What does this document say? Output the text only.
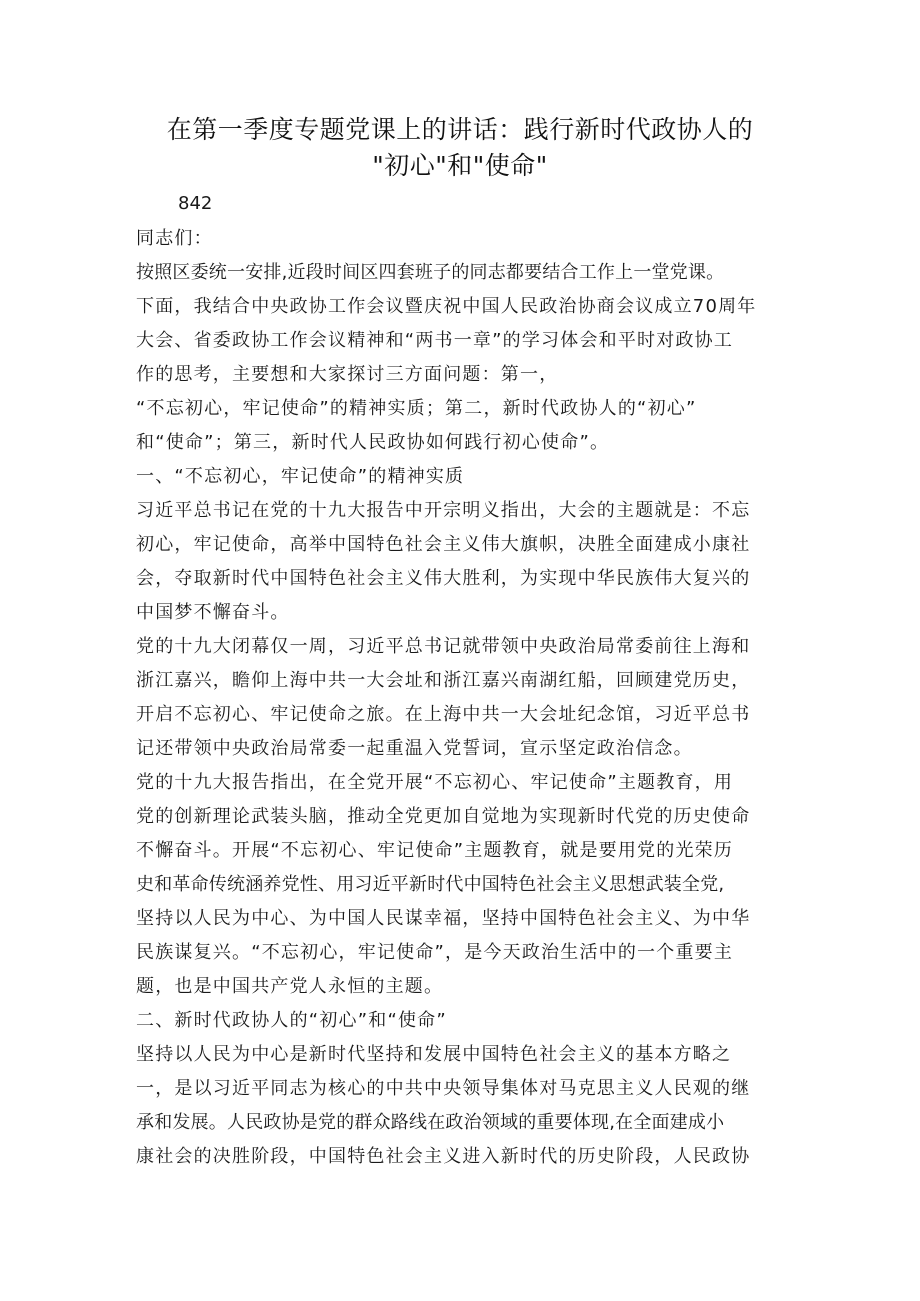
在第一季度专题党课上的讲话：践行新时代政协人的
"初心"和"使命"
842
同志们：
按照区委统一安排,近段时间区四套班子的同志都要结合工作上一堂党课。
下面，我结合中央政协工作会议暨庆祝中国人民政治协商会议成立70周年
大会、省委政协工作会议精神和“两书一章”的学习体会和平时对政协工
作的思考，主要想和大家探讨三方面问题：第一，
“不忘初心，牢记使命”的精神实质；第二，新时代政协人的“初心”
和“使命”；第三，新时代人民政协如何践行初心使命”。
一、“不忘初心，牢记使命”的精神实质
习近平总书记在党的十九大报告中开宗明义指出，大会的主题就是：不忘
初心，牢记使命，高举中国特色社会主义伟大旗帜，决胜全面建成小康社
会，夺取新时代中国特色社会主义伟大胜利，为实现中华民族伟大复兴的
中国梦不懈奋斗。
党的十九大闭幕仅一周，习近平总书记就带领中央政治局常委前往上海和
浙江嘉兴，瞻仰上海中共一大会址和浙江嘉兴南湖红船，回顾建党历史，
开启不忘初心、牢记使命之旅。在上海中共一大会址纪念馆，习近平总书
记还带领中央政治局常委一起重温入党誓词，宣示坚定政治信念。
党的十九大报告指出，在全党开展“不忘初心、牢记使命”主题教育，用
党的创新理论武装头脑，推动全党更加自觉地为实现新时代党的历史使命
不懈奋斗。开展“不忘初心、牢记使命”主题教育，就是要用党的光荣历
史和革命传统涵养党性、用习近平新时代中国特色社会主义思想武装全党,
坚持以人民为中心、为中国人民谋幸福，坚持中国特色社会主义、为中华
民族谋复兴。“不忘初心，牢记使命”，是今天政治生活中的一个重要主
题，也是中国共产党人永恒的主题。
二、新时代政协人的“初心”和“使命”
坚持以人民为中心是新时代坚持和发展中国特色社会主义的基本方略之
一，是以习近平同志为核心的中共中央领导集体对马克思主义人民观的继
承和发展。人民政协是党的群众路线在政治领域的重要体现,在全面建成小
康社会的决胜阶段，中国特色社会主义进入新时代的历史阶段，人民政协
